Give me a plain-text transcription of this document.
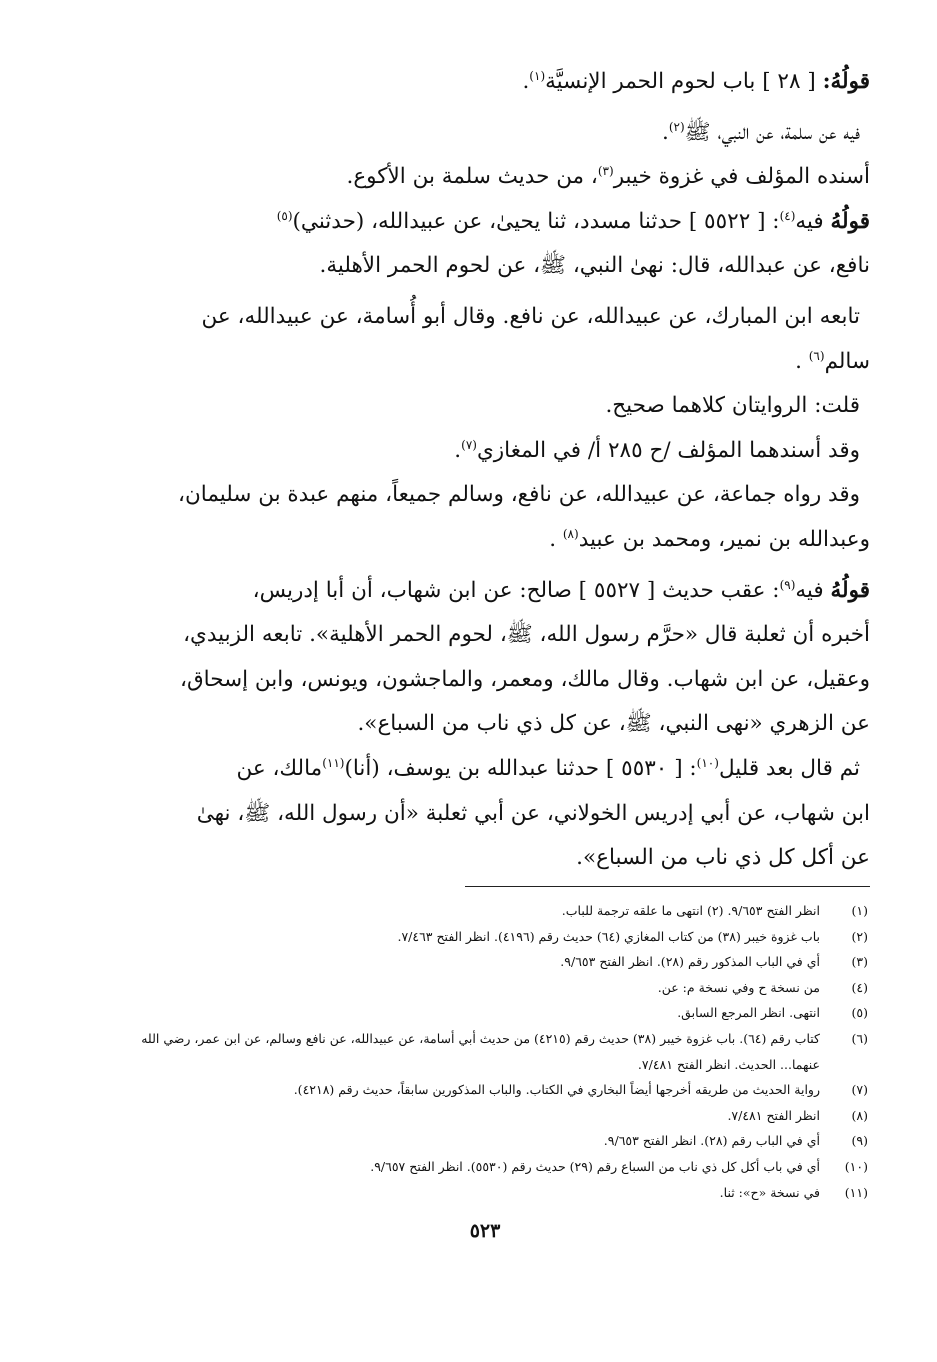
قولُهُ: [ ٢٨ ] باب لحوم الحمر الإنسيَّة$^{(١)}$.

فيه عن سلمة، عن النبي، ﷺ$^{(٢)}$.

أسنده المؤلف في غزوة خيبر$^{(٣)}$، من حديث سلمة بن الأكوع.

قولُهُ فيه$^{(٤)}$: [ ٥٥٢٢ ] حدثنا مسدد، ثنا يحيىٰ، عن عبيدالله، (حدثني)$^{(٥)}$

نافع، عن عبدالله، قال: نهىٰ النبي، ﷺ، عن لحوم الحمر الأهلية.

تابعه ابن المبارك، عن عبيدالله، عن نافع. وقال أبو أُسامة، عن عبيدالله، عن

سالم$^{(٦)}$ .

قلت: الروايتان كلاهما صحيح.

وقد أسندهما المؤلف /ح ٢٨٥ أ/ في المغازي$^{(٧)}$.

وقد رواه جماعة، عن عبيدالله، عن نافع، وسالم جميعاً، منهم عبدة بن سليمان،

وعبدالله بن نمير، ومحمد بن عبيد$^{(٨)}$ .

قولُهُ فيه$^{(٩)}$: عقب حديث [ ٥٥٢٧ ] صالح: عن ابن شهاب، أن أبا إدريس،

أخبره أن ثعلبة قال «حرَّم رسول الله، ﷺ، لحوم الحمر الأهلية». تابعه الزبيدي،

وعقيل، عن ابن شهاب. وقال مالك، ومعمر، والماجشون، ويونس، وابن إسحاق،

عن الزهري «نهى النبي، ﷺ، عن كل ذي ناب من السباع».

ثم قال بعد قليل$^{(١٠)}$: [ ٥٥٣٠ ] حدثنا عبدالله بن يوسف، (أنا)$^{(١١)}$مالك، عن

ابن شهاب، عن أبي إدريس الخولاني، عن أبي ثعلبة «أن رسول الله، ﷺ، نهىٰ

عن أكل كل ذي ناب من السباع».

(١)
انظر الفتح ٩/٦٥٣. (٢) انتهى ما علقه ترجمة للباب.
(٢)
باب غزوة خيبر (٣٨) من كتاب المغازي (٦٤) حديث رقم (٤١٩٦). انظر الفتح ٧/٤٦٣.
(٣)
أي في الباب المذكور رقم (٢٨). انظر الفتح ٩/٦٥٣.
(٤)
من نسخة ح وفي نسخة م: عن.
(٥)
انتهى. انظر المرجع السابق.
(٦)
كتاب رقم (٦٤). باب غزوة خيبر (٣٨) حديث رقم (٤٢١٥) من حديث أبي أسامة، عن عبيدالله، عن نافع وسالم، عن ابن عمر، رضي الله عنهما... الحديث. انظر الفتح ٧/٤٨١.
(٧)
رواية الحديث من طريقه أخرجها أيضاً البخاري في الكتاب. والباب المذكورين سابقاً، حديث رقم (٤٢١٨).
(٨)
انظر الفتح ٧/٤٨١.
(٩)
أي في الباب رقم (٢٨). انظر الفتح ٩/٦٥٣.
(١٠)
أي في باب أكل كل ذي ناب من السباع رقم (٢٩) حديث رقم (٥٥٣٠). انظر الفتح ٩/٦٥٧.
(١١)
في نسخة «ح»: ثنا.
٥٢٣
